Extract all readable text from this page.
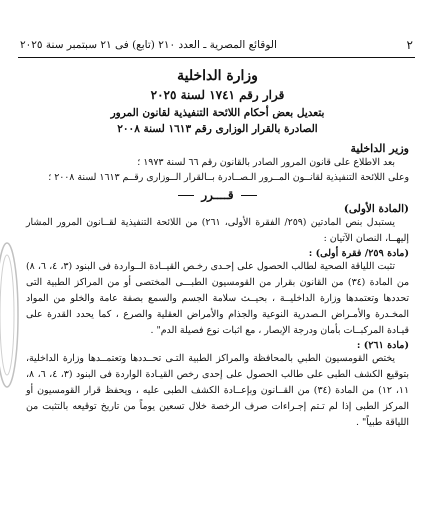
٢
الوقائع المصرية ـ العدد ٢١٠ (تابع) فى ٢١ سبتمبر سنة ٢٠٢٥
وزارة الداخلية
قرار رقم ١٧٤١ لسنة ٢٠٢٥
بتعديل بعض أحكام اللائحة التنفيذية لقانون المرور
الصادرة بالقرار الوزارى رقم ١٦١٣ لسنة ٢٠٠٨
وزير الداخلية

بعد الاطلاع على قانون المرور الصادر بالقانون رقم ٦٦ لسنة ١٩٧٣ ؛

وعلى اللائحة التنفيذية لقانــون المــرور الـصــادرة بــالقرار الــوزارى رقــم ١٦١٣ لسنة ٢٠٠٨ ؛

قــــرر
(المادة الأولى)

يستبدل بنص المادتين (٢٥٩/ الفقرة الأولى، ٢٦١) من اللائحة التنفيذية لقــانون المرور المشار إليهــا، النصان الآتيان :

(مادة ٢٥٩/ فقرة أولى) :

تثبت اللياقة الصحية لطالب الحصول على إحـدى رخـص القيــادة الــواردة فى البنود (٣، ٤، ٦، ٨) من المادة (٣٤) من القانون بقرار من القومسيون الطبـــى المختصى أو من المراكز الطبية التى تحددها وتعتمدها وزارة الداخليــة ، بحيــث سلامة الجسم والسمع بصفة عامة والخلو من المواد المخـدرة والأمـراض الـصدرية النوعية والجذام والأمراض العقلية والصرع ، كما يحدد القدرة على قيـادة المركبــات بأمان ودرجة الإبصار ، مع اثبات نوع فصيلة الدم" .

(مادة ٢٦١) :

يختص القومسيون الطبي بالمحافظة والمراكز الطبية التـى تحــددها وتعتمــدها وزارة الداخلية، بتوقيع الكشف الطبى على طالب الحصول على إحدى رخص القيـادة الواردة فى البنود (٣، ٤، ٦، ٨، ١١، ١٢) من المادة (٣٤) من القــانون وبإعــادة الكشف الطبى عليه ، ويحفظ قرار القومسيون أو المركز الطبى إذا لم تـتم إجـراءات صرف الرخصة خلال تسعين يوماً من تاريخ توقيعه بالتثبت من اللياقة طبياً" .
